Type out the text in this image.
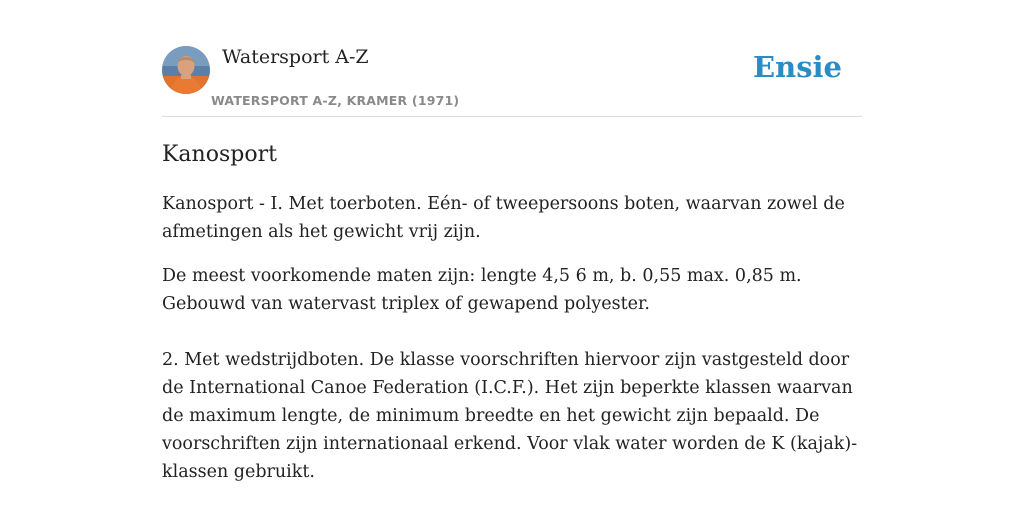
Watersport A-Z
WATERSPORT A-Z, KRAMER (1971)
Ensie
Kanosport

Kanosport - I. Met toerboten. Eén- of tweepersoons boten, waarvan zowel de afmetingen als het gewicht vrij zijn.

De meest voorkomende maten zijn: lengte 4,5 6 m, b. 0,55 max. 0,85 m. Gebouwd van watervast triplex of gewapend polyester.

2. Met wedstrijdboten. De klasse voorschriften hiervoor zijn vastgesteld door de International Canoe Federation (I.C.F.). Het zijn beperkte klassen waarvan de maximum lengte, de minimum breedte en het gewicht zijn bepaald. De voorschriften zijn internationaal erkend. Voor vlak water worden de K (kajak)-klassen gebruikt.
